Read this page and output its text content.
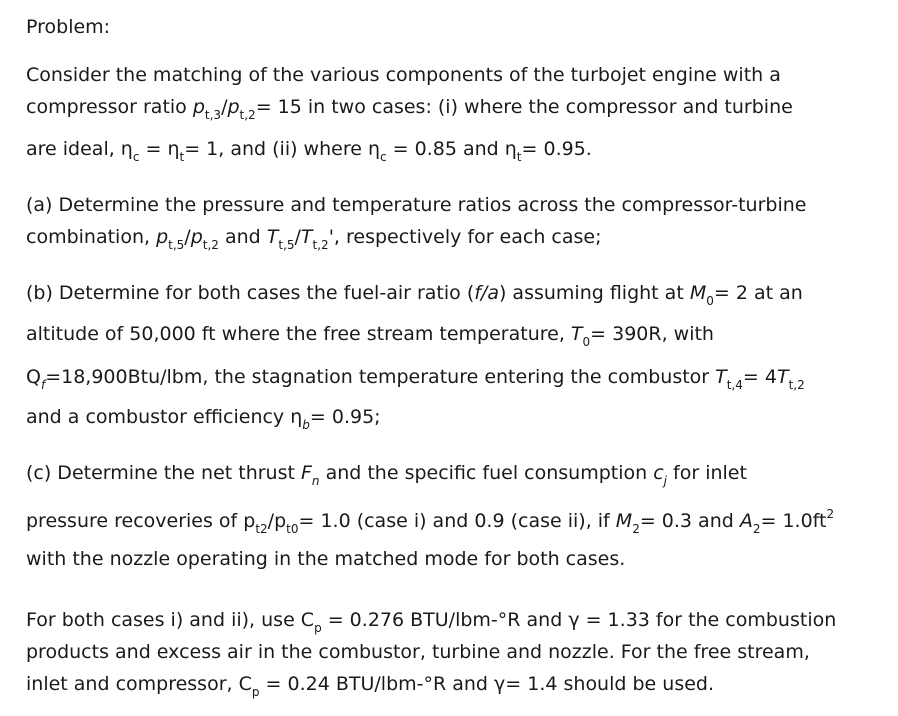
Problem:
Consider the matching of the various components of the turbojet engine with a
compressor ratio $p_{t,3}/p_{t,2}= 15$ in two cases: (i) where the compressor and turbine
are ideal, $\eta_c = \eta_t= 1$, and (ii) where $\eta_c = 0.85$ and $\eta_t= 0.95$.
(a) Determine the pressure and temperature ratios across the compressor-turbine
combination, $p_{t,5}/p_{t,2}$ and $T_{t,5}/T_{t,2}'$, respectively for each case;
(b) Determine for both cases the fuel-air ratio (f/a) assuming flight at $M_0= 2$ at an
altitude of 50,000 ft where the free stream temperature, $T_0= 390R$, with
$Q_f=18,900Btu$/lbm, the stagnation temperature entering the combustor $T_{t,4}= 4T_{t,2}$
and a combustor efficiency $\eta_b= 0.95$;
(c) Determine the net thrust $F_n$ and the specific fuel consumption $c_j$ for inlet
pressure recoveries of $p_{t2}/p_{t0}= 1.0$ (case i) and 0.9 (case ii), if $M_2= 0.3$ and $A_2= 1.0ft^2$
with the nozzle operating in the matched mode for both cases.
For both cases i) and ii), use $C_p = 0.276$ BTU/lbm-°R and γ = 1.33 for the combustion
products and excess air in the combustor, turbine and nozzle. For the free stream,
inlet and compressor, $C_p = 0.24$ BTU/lbm-°R and γ= 1.4 should be used.
